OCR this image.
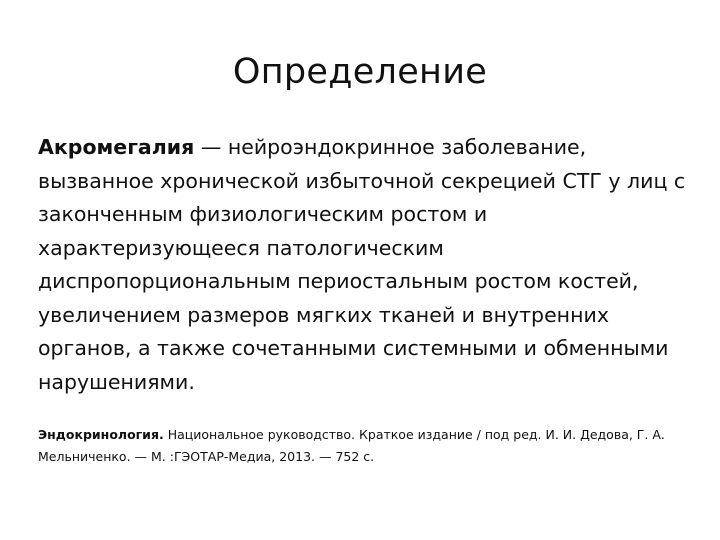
Определение

Акромегалия — нейроэндокринное заболевание, вызванное хронической избыточной секрецией СТГ у лиц с законченным физиологическим ростом и характеризующееся патологическим диспропорциональным периостальным ростом костей, увеличением размеров мягких тканей и внутренних органов, а также сочетанными системными и обменными нарушениями.

Эндокринология. Национальное руководство. Краткое издание / под ред. И. И. Дедова, Г. А. Мельниченко. — М. :ГЭОТАР-Медиа, 2013. — 752 с.
